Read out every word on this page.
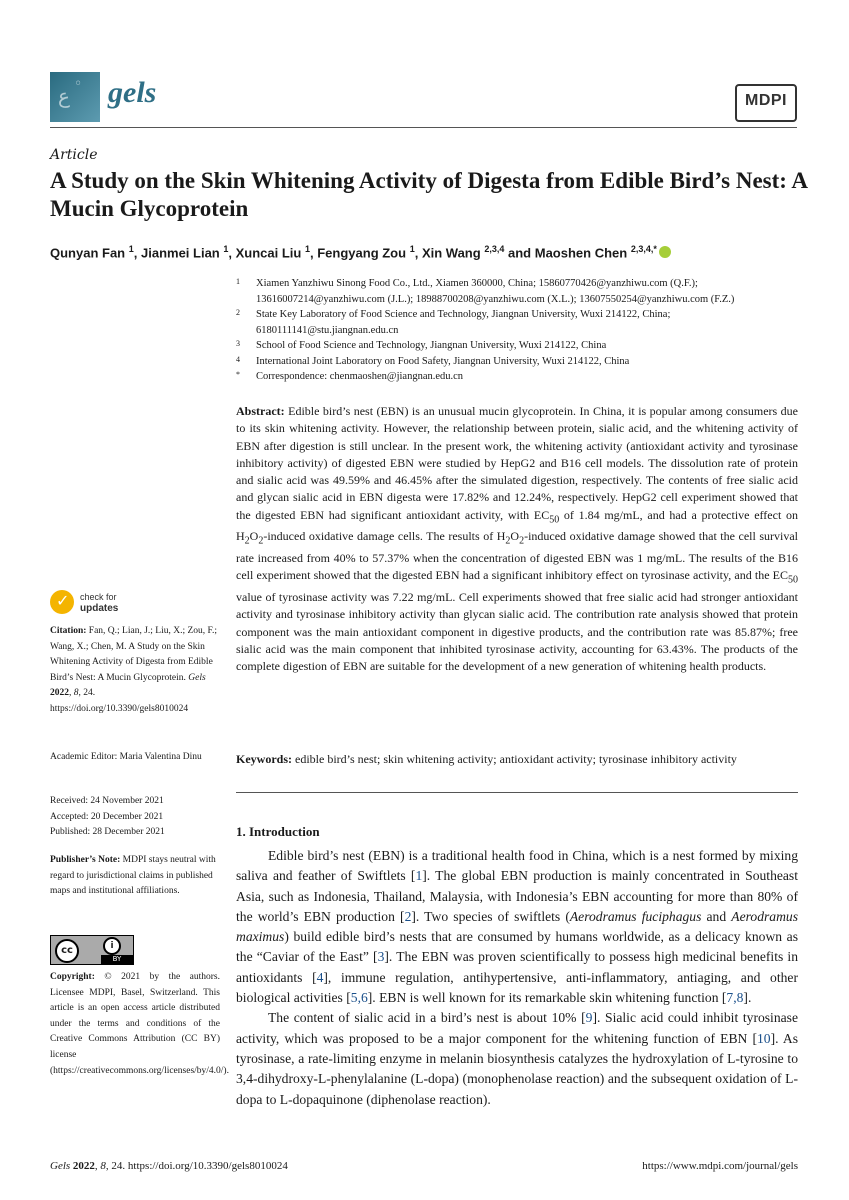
ع ◦ gels	MDPI
Article
A Study on the Skin Whitening Activity of Digesta from Edible Bird’s Nest: A Mucin Glycoprotein
Qunyan Fan $^1$, Jianmei Lian $^1$, Xuncai Liu $^1$, Fengyang Zou $^1$, Xin Wang $^{2,3,4}$ and Maoshen Chen $^{2,3,4,*}$
1 Xiamen Yanzhiwu Sinong Food Co., Ltd., Xiamen 360000, China; 15860770426@yanzhiwu.com (Q.F.); 13616007214@yanzhiwu.com (J.L.); 18988700208@yanzhiwu.com (X.L.); 13607550254@yanzhiwu.com (F.Z.)
2 State Key Laboratory of Food Science and Technology, Jiangnan University, Wuxi 214122, China; 6180111141@stu.jiangnan.edu.cn
3 School of Food Science and Technology, Jiangnan University, Wuxi 214122, China
4 International Joint Laboratory on Food Safety, Jiangnan University, Wuxi 214122, China
* Correspondence: chenmaoshen@jiangnan.edu.cn
Abstract: Edible bird’s nest (EBN) is an unusual mucin glycoprotein. In China, it is popular among consumers due to its skin whitening activity. However, the relationship between protein, sialic acid, and the whitening activity of EBN after digestion is still unclear. In the present work, the whitening activity (antioxidant activity and tyrosinase inhibitory activity) of digested EBN were studied by HepG2 and B16 cell models. The dissolution rate of protein and sialic acid was 49.59% and 46.45% after the simulated digestion, respectively. The contents of free sialic acid and glycan sialic acid in EBN digesta were 17.82% and 12.24%, respectively. HepG2 cell experiment showed that the digested EBN had significant antioxidant activity, with $EC_{50}$ of 1.84 mg/mL, and had a protective effect on $H_2O_2$-induced oxidative damage cells. The results of $H_2O_2$-induced oxidative damage showed that the cell survival rate increased from 40% to 57.37% when the concentration of digested EBN was 1 mg/mL. The results of the B16 cell experiment showed that the digested EBN had a significant inhibitory effect on tyrosinase activity, and the $EC_{50}$ value of tyrosinase activity was 7.22 mg/mL. Cell experiments showed that free sialic acid had stronger antioxidant activity and tyrosinase inhibitory activity than glycan sialic acid. The contribution rate analysis showed that protein component was the main antioxidant component in digestive products, and the contribution rate was 85.87%; free sialic acid was the main component that inhibited tyrosinase activity, accounting for 63.43%. The products of the complete digestion of EBN are suitable for the development of a new generation of whitening health products.
Keywords: edible bird’s nest; skin whitening activity; antioxidant activity; tyrosinase inhibitory activity
1. Introduction

Edible bird’s nest (EBN) is a traditional health food in China, which is a nest formed by mixing saliva and feather of Swiftlets [1]. The global EBN production is mainly concentrated in Southeast Asia, such as Indonesia, Thailand, Malaysia, with Indonesia’s EBN accounting for more than 80% of the world’s EBN production [2]. Two species of swiftlets (Aerodramus fuciphagus and Aerodramus maximus) build edible bird’s nests that are consumed by humans worldwide, as a delicacy known as the “Caviar of the East” [3]. The EBN was proven scientifically to possess high medicinal benefits in antioxidants [4], immune regulation, antihypertensive, anti-inflammatory, antiaging, and other biological activities [5,6]. EBN is well known for its remarkable skin whitening function [7,8].

The content of sialic acid in a bird’s nest is about 10% [9]. Sialic acid could inhibit tyrosinase activity, which was proposed to be a major component for the whitening function of EBN [10]. As tyrosinase, a rate-limiting enzyme in melanin biosynthesis catalyzes the hydroxylation of L-tyrosine to 3,4-dihydroxy-L-phenylalanine (L-dopa) (monophenolase reaction) and the subsequent oxidation of L-dopa to L-dopaquinone (diphenolase reaction).

✓ check for
updates
Citation: Fan, Q.; Lian, J.; Liu, X.; Zou, F.; Wang, X.; Chen, M. A Study on the Skin Whitening Activity of Digesta from Edible Bird’s Nest: A Mucin Glycoprotein. Gels 2022, 8, 24. https://doi.org/10.3390/gels8010024
Academic Editor: Maria Valentina Dinu
Received: 24 November 2021
Accepted: 20 December 2021
Published: 28 December 2021
Publisher’s Note: MDPI stays neutral with regard to jurisdictional claims in published maps and institutional affiliations.
cc	i
BY
Copyright: © 2021 by the authors. Licensee MDPI, Basel, Switzerland. This article is an open access article distributed under the terms and conditions of the Creative Commons Attribution (CC BY) license (https://creativecommons.org/licenses/by/4.0/).
Gels 2022, 8, 24. https://doi.org/10.3390/gels8010024	https://www.mdpi.com/journal/gels
